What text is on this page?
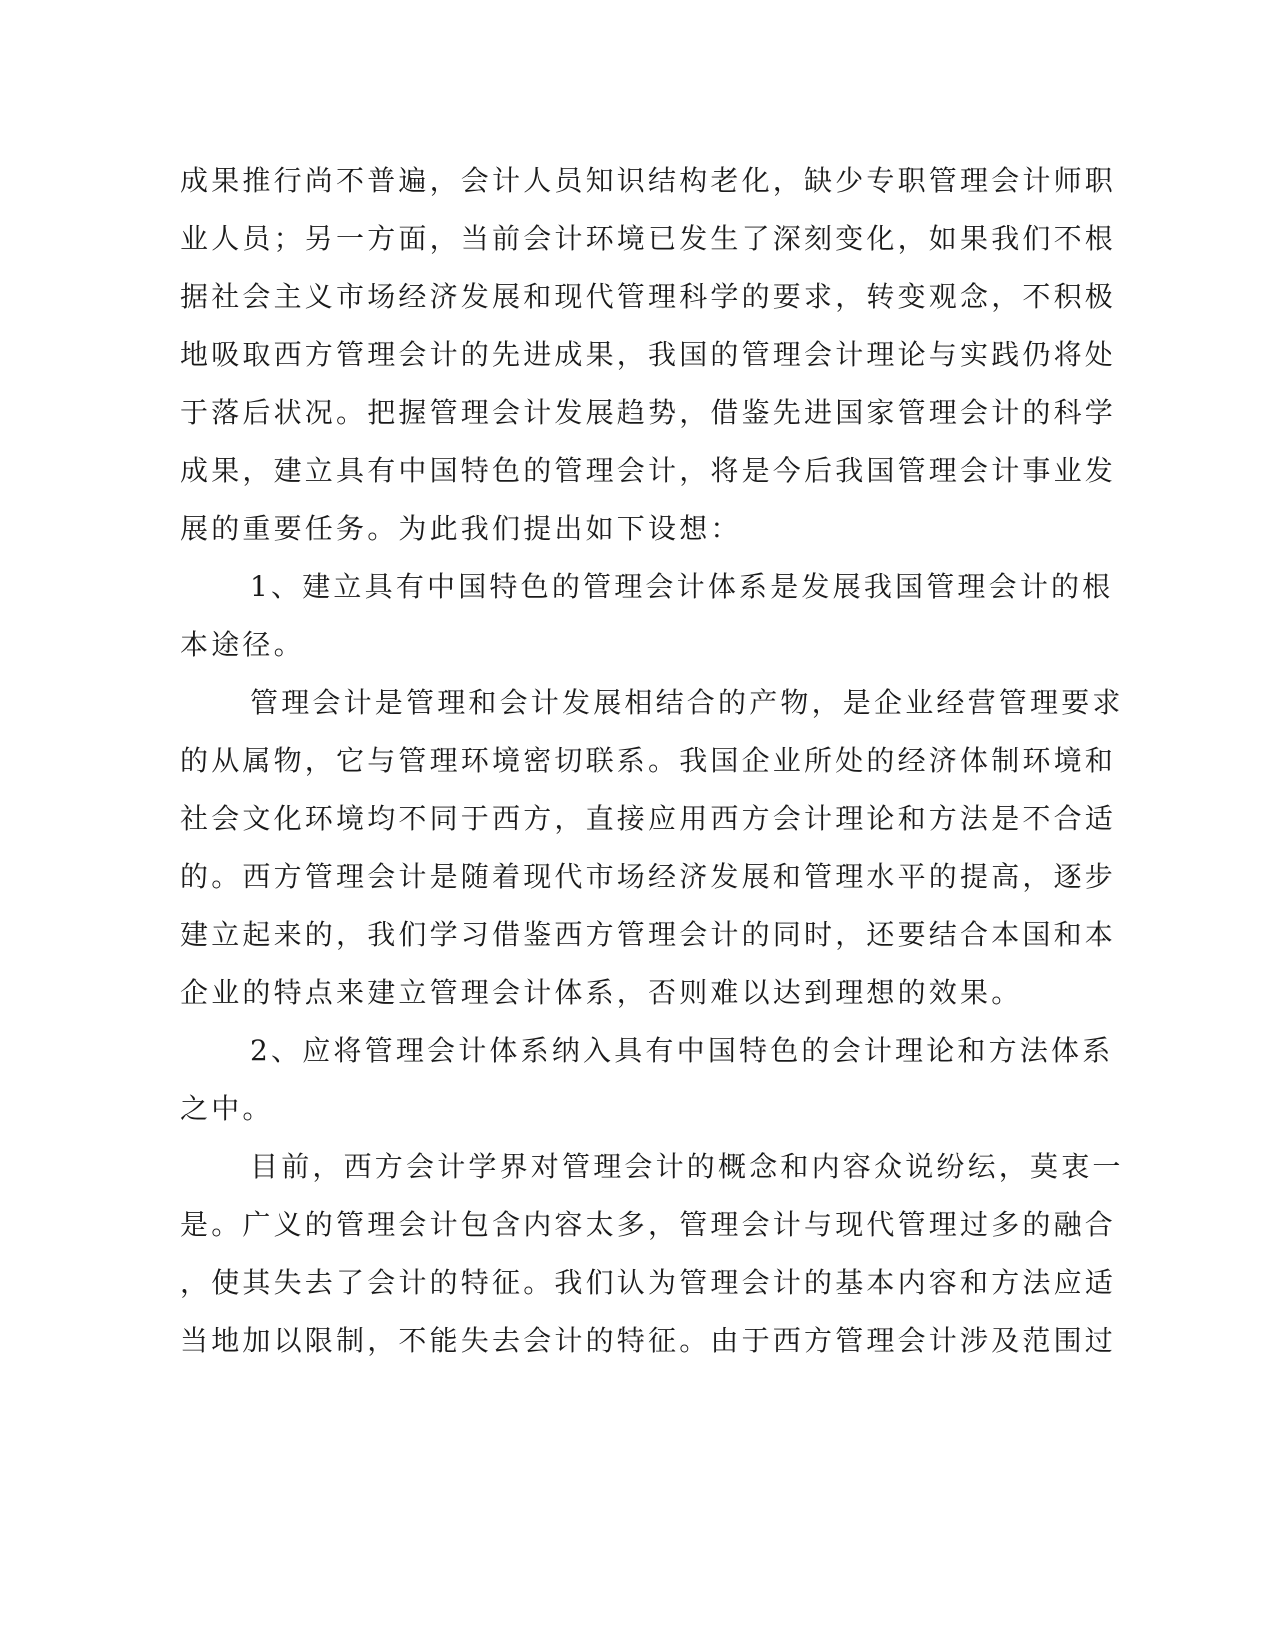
成果推行尚不普遍，会计人员知识结构老化，缺少专职管理会计师职
业人员；另一方面，当前会计环境已发生了深刻变化，如果我们不根
据社会主义市场经济发展和现代管理科学的要求，转变观念，不积极
地吸取西方管理会计的先进成果，我国的管理会计理论与实践仍将处
于落后状况。把握管理会计发展趋势，借鉴先进国家管理会计的科学
成果，建立具有中国特色的管理会计，将是今后我国管理会计事业发
展的重要任务。为此我们提出如下设想：
1、建立具有中国特色的管理会计体系是发展我国管理会计的根
本途径。
管理会计是管理和会计发展相结合的产物，是企业经营管理要求
的从属物，它与管理环境密切联系。我国企业所处的经济体制环境和
社会文化环境均不同于西方，直接应用西方会计理论和方法是不合适
的。西方管理会计是随着现代市场经济发展和管理水平的提高，逐步
建立起来的，我们学习借鉴西方管理会计的同时，还要结合本国和本
企业的特点来建立管理会计体系，否则难以达到理想的效果。
2、应将管理会计体系纳入具有中国特色的会计理论和方法体系
之中。
目前，西方会计学界对管理会计的概念和内容众说纷纭，莫衷一
是。广义的管理会计包含内容太多，管理会计与现代管理过多的融合
，使其失去了会计的特征。我们认为管理会计的基本内容和方法应适
当地加以限制，不能失去会计的特征。由于西方管理会计涉及范围过
